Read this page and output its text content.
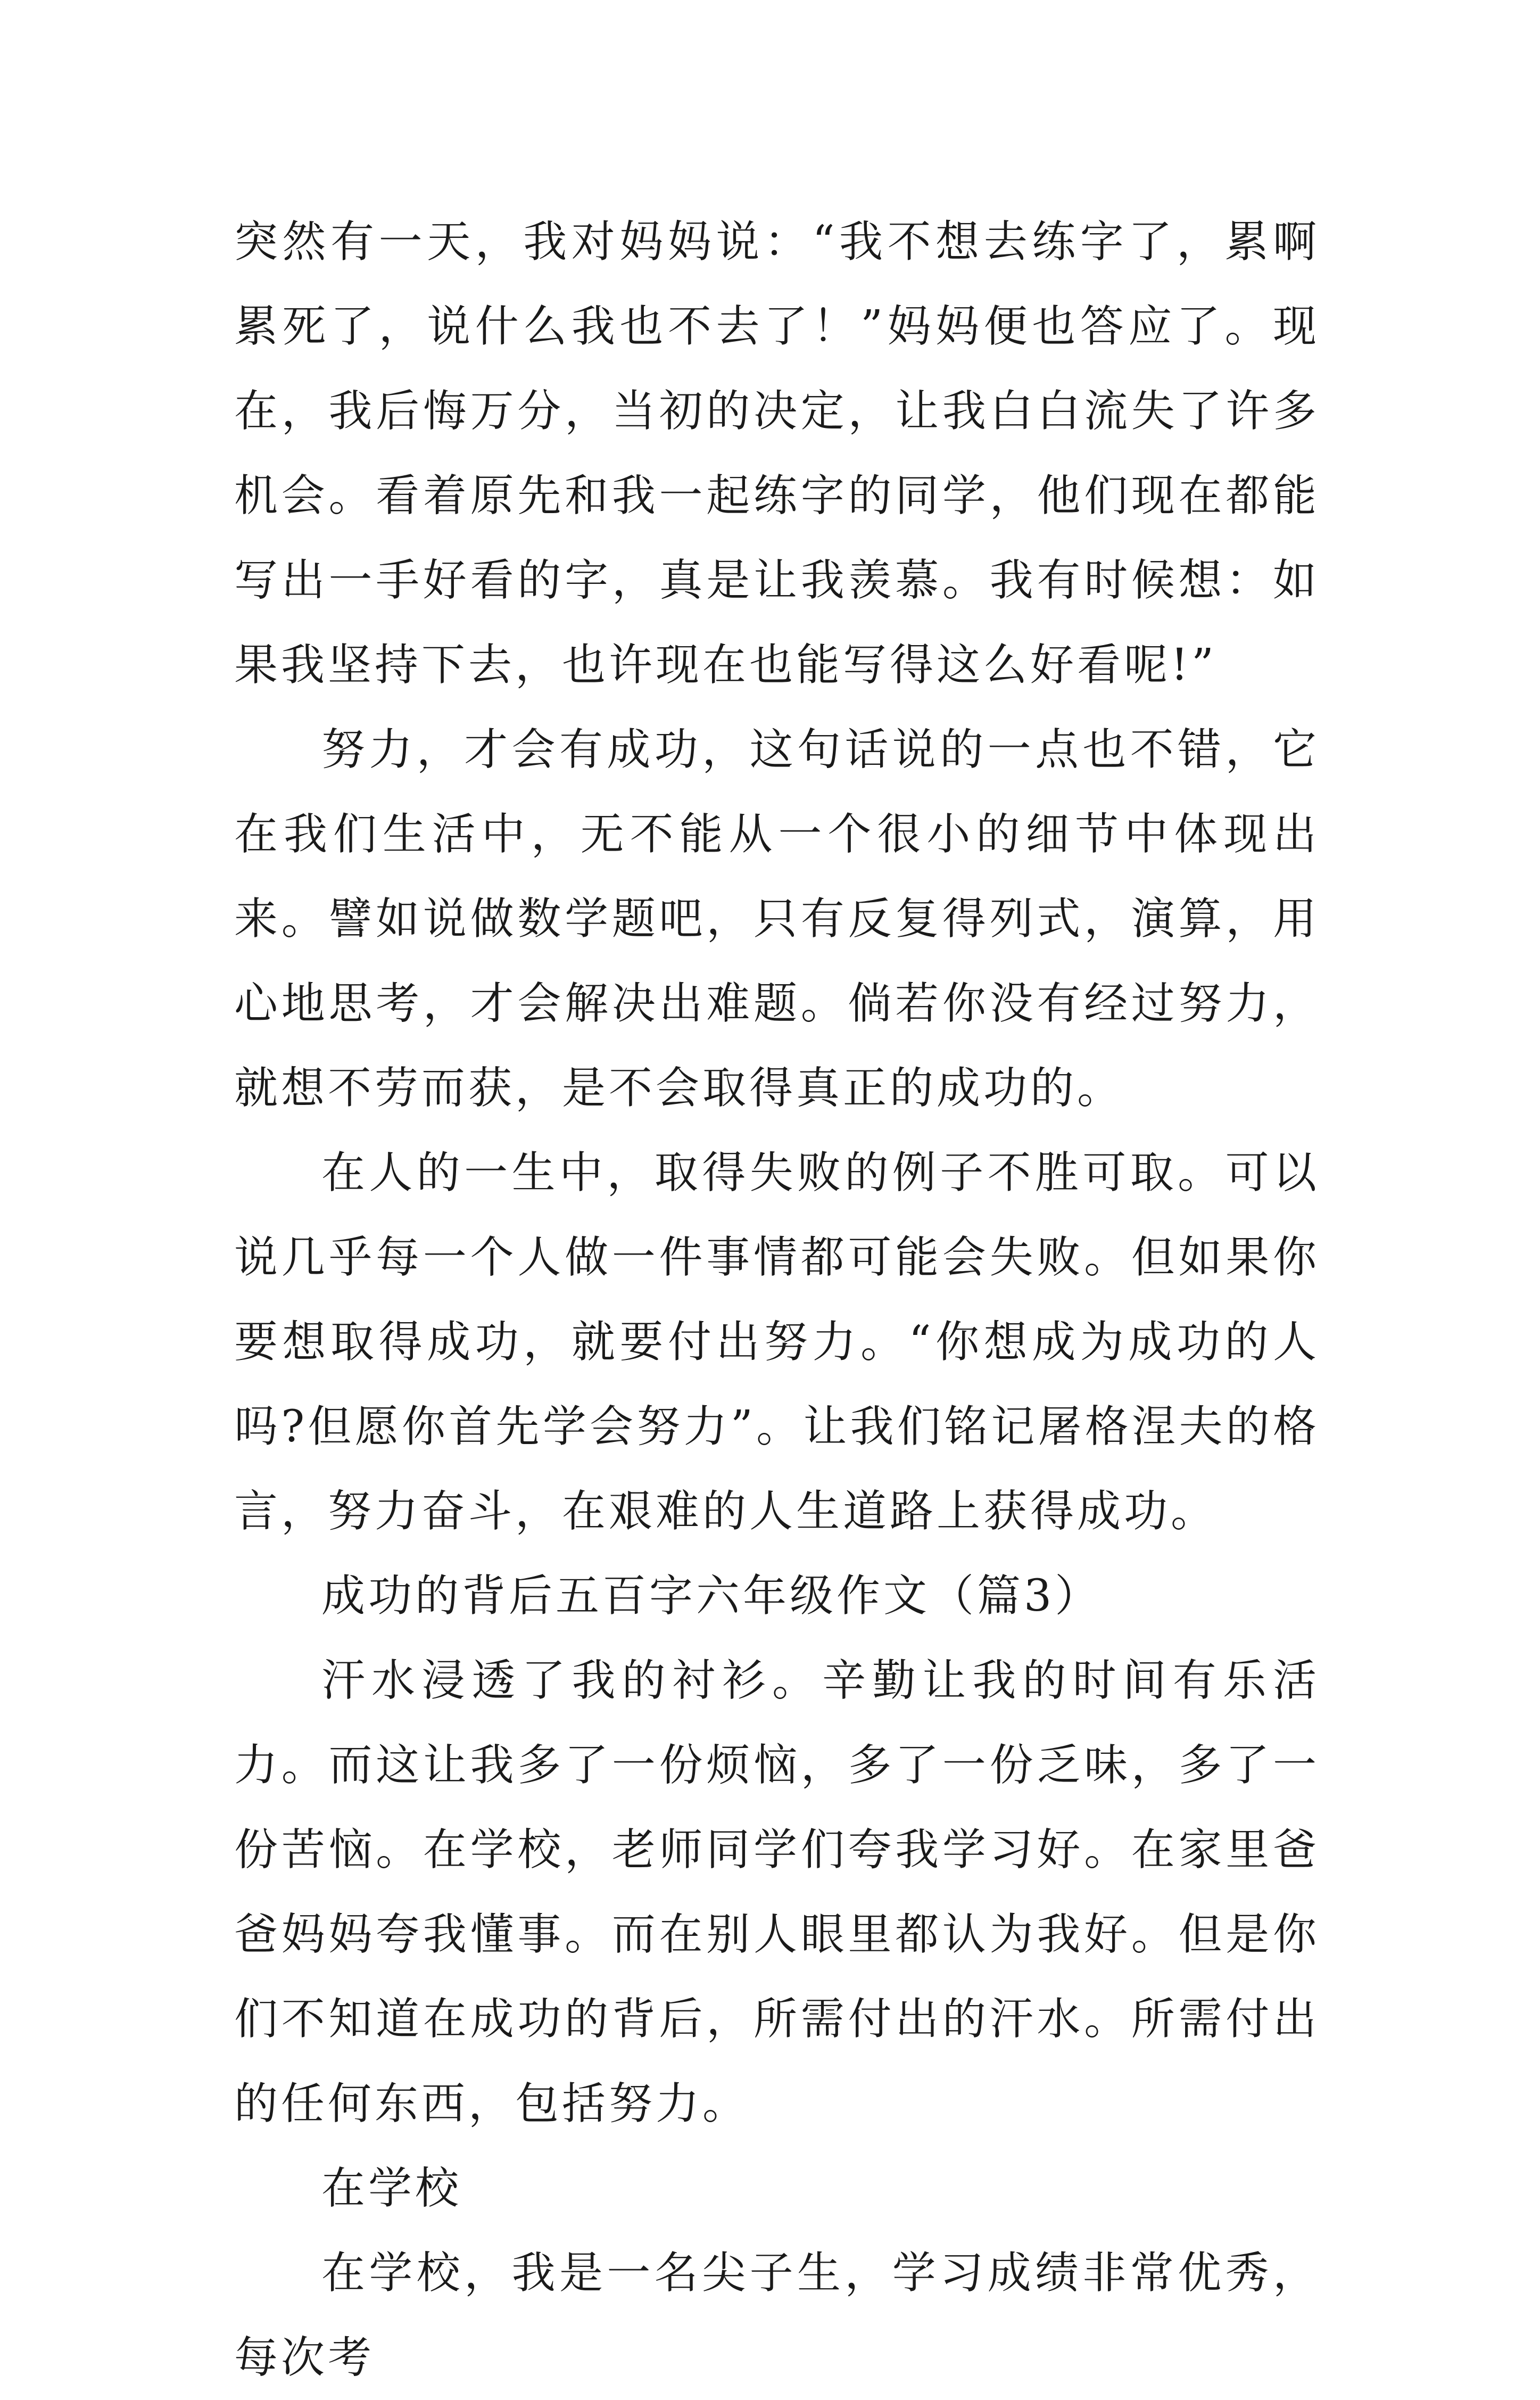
突然有一天，我对妈妈说：“我不想去练字了，累啊累死了，说什么我也不去了！”妈妈便也答应了。现在，我后悔万分，当初的决定，让我白白流失了许多机会。看着原先和我一起练字的同学，他们现在都能写出一手好看的字，真是让我羡慕。我有时候想：如果我坚持下去，也许现在也能写得这么好看呢!”

努力，才会有成功，这句话说的一点也不错，它在我们生活中，无不能从一个很小的细节中体现出来。譬如说做数学题吧，只有反复得列式，演算，用心地思考，才会解决出难题。倘若你没有经过努力，就想不劳而获，是不会取得真正的成功的。

在人的一生中，取得失败的例子不胜可取。可以说几乎每一个人做一件事情都可能会失败。但如果你要想取得成功，就要付出努力。“你想成为成功的人吗?但愿你首先学会努力”。让我们铭记屠格涅夫的格言，努力奋斗，在艰难的人生道路上获得成功。

成功的背后五百字六年级作文（篇3）

汗水浸透了我的衬衫。辛勤让我的时间有乐活力。而这让我多了一份烦恼，多了一份乏味，多了一份苦恼。在学校，老师同学们夸我学习好。在家里爸爸妈妈夸我懂事。而在别人眼里都认为我好。但是你们不知道在成功的背后，所需付出的汗水。所需付出的任何东西，包括努力。

在学校

在学校，我是一名尖子生，学习成绩非常优秀，每次考
